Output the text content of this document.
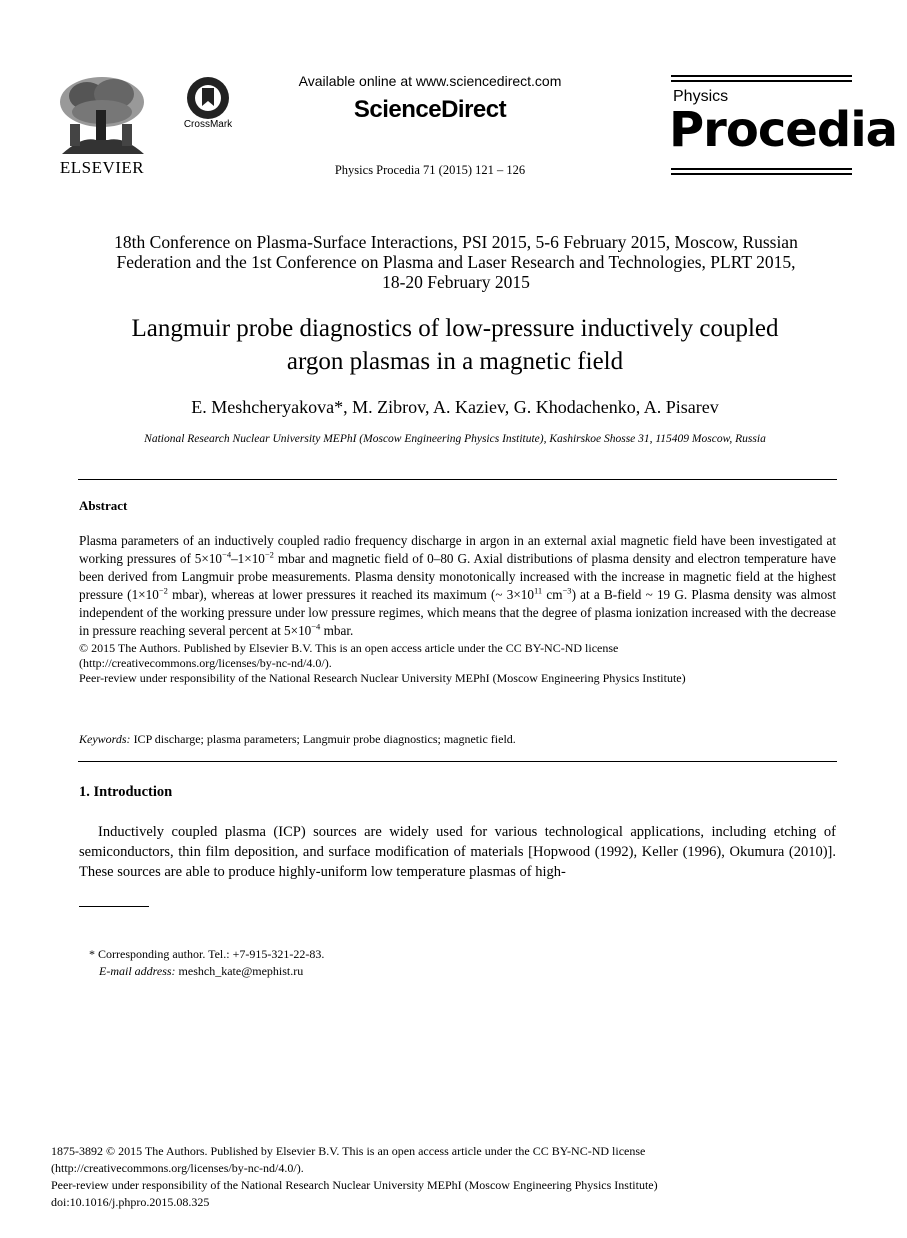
ELSEVIER
CrossMark
Available online at www.sciencedirect.com
ScienceDirect
Physics Procedia 71 (2015) 121 – 126
Physics
Procedia
18th Conference on Plasma-Surface Interactions, PSI 2015, 5-6 February 2015, Moscow, Russian
Federation and the 1st Conference on Plasma and Laser Research and Technologies, PLRT 2015,
18-20 February 2015
Langmuir probe diagnostics of low-pressure inductively coupled
argon plasmas in a magnetic field
E. Meshcheryakova*, M. Zibrov, A. Kaziev, G. Khodachenko, A. Pisarev
National Research Nuclear University MEPhI (Moscow Engineering Physics Institute), Kashirskoe Shosse 31, 115409 Moscow, Russia
Abstract
Plasma parameters of an inductively coupled radio frequency discharge in argon in an external axial magnetic field have been investigated at working pressures of $5\times 10^{-4}-1\times 10^{-2}$ mbar and magnetic field of 0–80 G. Axial distributions of plasma density and electron temperature have been derived from Langmuir probe measurements. Plasma density monotonically increased with the increase in magnetic field at the highest pressure ($1\times 10^{-2}$ mbar), whereas at lower pressures it reached its maximum (~ $3\times 10^{11}$ $cm^{-3}$) at a B-field ~ 19 G. Plasma density was almost independent of the working pressure under low pressure regimes, which means that the degree of plasma ionization increased with the decrease in pressure reaching several percent at $5\times 10^{-4}$ mbar.
© 2015 The Authors. Published by Elsevier B.V. This is an open access article under the CC BY-NC-ND license
(http://creativecommons.org/licenses/by-nc-nd/4.0/).
Peer-review under responsibility of the National Research Nuclear University MEPhI (Moscow Engineering Physics Institute)
Keywords: ICP discharge; plasma parameters; Langmuir probe diagnostics; magnetic field.
1. Introduction
Inductively coupled plasma (ICP) sources are widely used for various technological applications, including etching of semiconductors, thin film deposition, and surface modification of materials [Hopwood (1992), Keller (1996), Okumura (2010)]. These sources are able to produce highly-uniform low temperature plasmas of high-
* Corresponding author. Tel.: +7-915-321-22-83.
E-mail address: meshch_kate@mephist.ru
1875-3892 © 2015 The Authors. Published by Elsevier B.V. This is an open access article under the CC BY-NC-ND license
(http://creativecommons.org/licenses/by-nc-nd/4.0/).
Peer-review under responsibility of the National Research Nuclear University MEPhI (Moscow Engineering Physics Institute)
doi:10.1016/j.phpro.2015.08.325
